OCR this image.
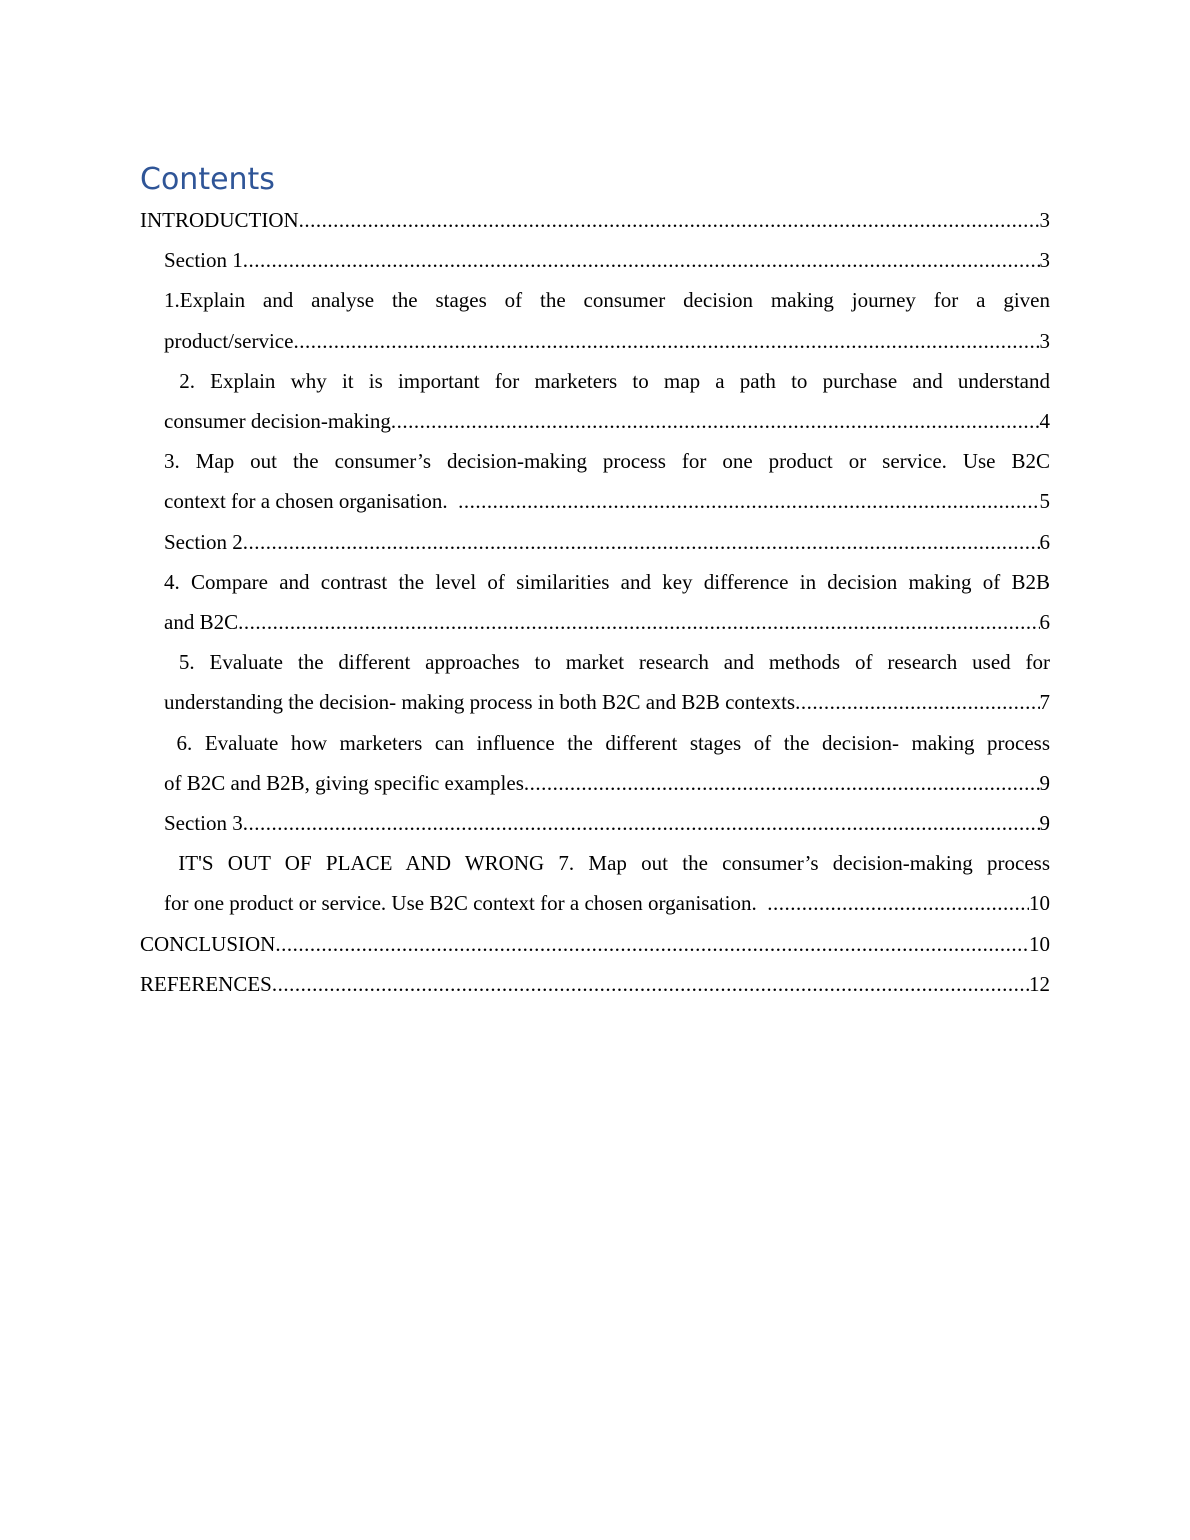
Contents
INTRODUCTION .....	3
Section 1 .....	3
1.Explain and analyse the stages of the consumer decision making journey for a given
product/service .....	3
2. Explain why it is important for marketers to map a path to purchase and understand
consumer decision-making .....	4
3. Map out the consumer’s decision-making process for one product or service. Use B2C
context for a chosen organisation. .....	5
Section 2 .....	6
4. Compare and contrast the level of similarities and key difference in decision making of B2B
and B2C .....	6
5. Evaluate the different approaches to market research and methods of research used for
understanding the decision- making process in both B2C and B2B contexts .....	7
6. Evaluate how marketers can influence the different stages of the decision- making process
of B2C and B2B, giving specific examples .....	9
Section 3 .....	9
IT'S OUT OF PLACE AND WRONG 7. Map out the consumer’s decision-making process
for one product or service. Use B2C context for a chosen organisation. .....	10
CONCLUSION .....	10
REFERENCES .....	12
